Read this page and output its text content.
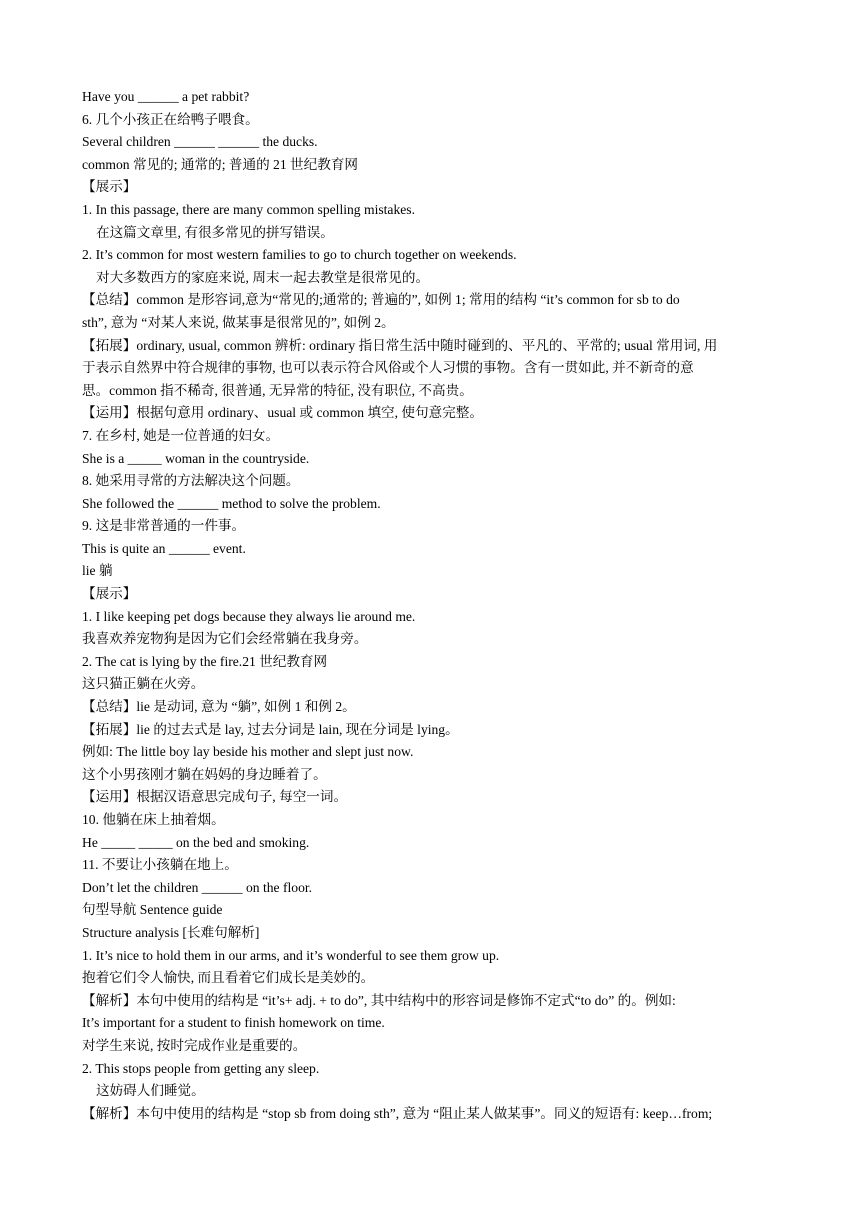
Have you ______ a pet rabbit?
6. 几个小孩正在给鸭子喂食。
Several children ______ ______ the ducks.
common 常见的; 通常的; 普通的 21 世纪教育网
【展示】
1. In this passage, there are many common spelling mistakes.
在这篇文章里, 有很多常见的拼写错误。
2. It’s common for most western families to go to church together on weekends.
对大多数西方的家庭来说, 周末一起去教堂是很常见的。
【总结】common 是形容词,意为“常见的;通常的; 普遍的”, 如例 1; 常用的结构 “it’s common for sb to do
sth”, 意为 “对某人来说, 做某事是很常见的”, 如例 2。
【拓展】ordinary, usual, common 辨析: ordinary 指日常生活中随时碰到的、平凡的、平常的; usual 常用词, 用
于表示自然界中符合规律的事物, 也可以表示符合风俗或个人习惯的事物。含有一贯如此, 并不新奇的意
思。common 指不稀奇, 很普通, 无异常的特征, 没有职位, 不高贵。
【运用】根据句意用 ordinary、usual 或 common 填空, 使句意完整。
7. 在乡村, 她是一位普通的妇女。
She is a _____ woman in the countryside.
8. 她采用寻常的方法解决这个问题。
She followed the ______ method to solve the problem.
9. 这是非常普通的一件事。
This is quite an ______ event.
lie 躺
【展示】
1. I like keeping pet dogs because they always lie around me.
我喜欢养宠物狗是因为它们会经常躺在我身旁。
2. The cat is lying by the fire.21 世纪教育网
这只猫正躺在火旁。
【总结】lie 是动词, 意为 “躺”, 如例 1 和例 2。
【拓展】lie 的过去式是 lay, 过去分词是 lain, 现在分词是 lying。
例如: The little boy lay beside his mother and slept just now.
这个小男孩刚才躺在妈妈的身边睡着了。
【运用】根据汉语意思完成句子, 每空一词。
10. 他躺在床上抽着烟。
He _____ _____ on the bed and smoking.
11. 不要让小孩躺在地上。
Don’t let the children ______ on the floor.
句型导航 Sentence guide
Structure analysis [长难句解析]
1. It’s nice to hold them in our arms, and it’s wonderful to see them grow up.
抱着它们令人愉快, 而且看着它们成长是美妙的。
【解析】本句中使用的结构是 “it’s+ adj. + to do”, 其中结构中的形容词是修饰不定式“to do” 的。例如:
It’s important for a student to finish homework on time.
对学生来说, 按时完成作业是重要的。
2. This stops people from getting any sleep.
这妨碍人们睡觉。
【解析】本句中使用的结构是 “stop sb from doing sth”, 意为 “阻止某人做某事”。同义的短语有: keep…from;
